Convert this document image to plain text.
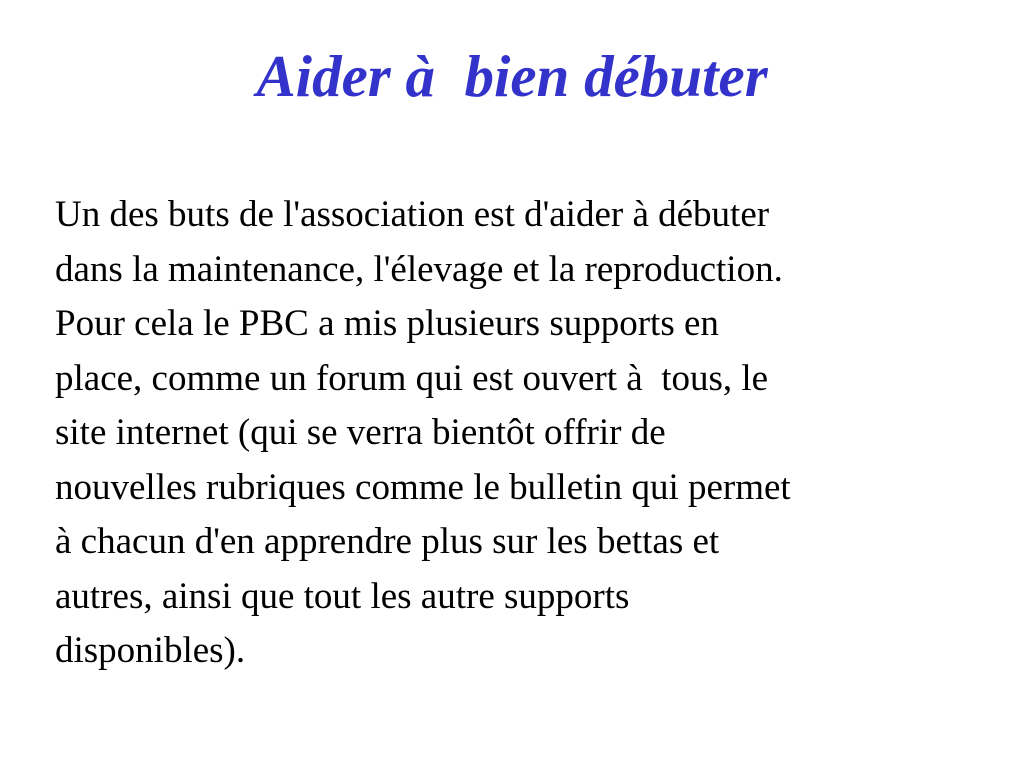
Aider à  bien débuter
Un des buts de l'association est d'aider à débuter
dans la maintenance, l'élevage et la reproduction.
Pour cela le PBC a mis plusieurs supports en
place, comme un forum qui est ouvert à  tous, le
site internet (qui se verra bientôt offrir de
nouvelles rubriques comme le bulletin qui permet
à chacun d'en apprendre plus sur les bettas et
autres, ainsi que tout les autre supports
disponibles).
